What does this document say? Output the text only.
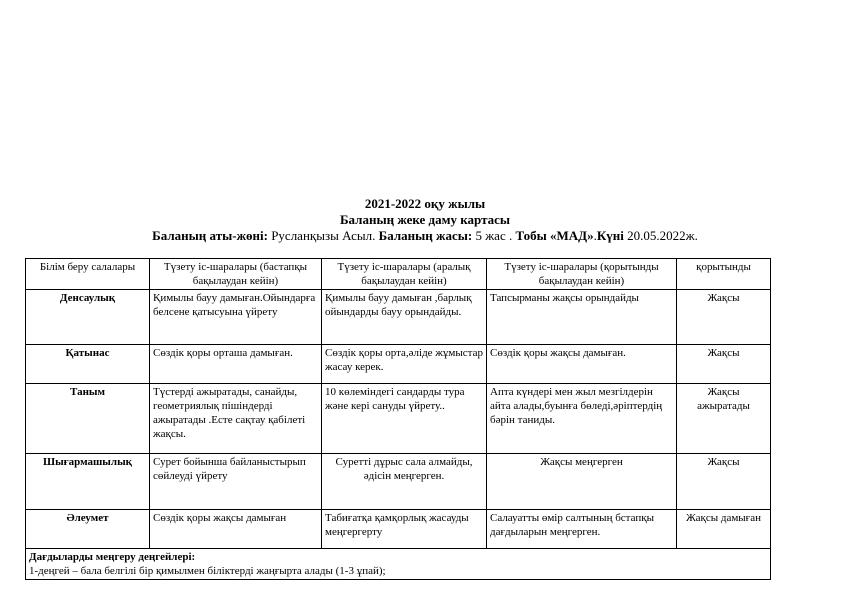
2021-2022 оқу жылы
Баланың жеке даму картасы
Баланың аты-жөні: Русланқызы Асыл. Баланың жасы: 5 жас . Тобы «МАД».Күні 20.05.2022ж.
Білім беру салалары	Түзету іс-шаралары (бастапқы бақылаудан кейін)	Түзету іс-шаралары (аралық бақылаудан кейін)	Түзету іс-шаралары (қорытынды бақылаудан кейін)	қорытынды
Денсаулық	Қимылы бауу дамыған.Ойындарға белсене қатысуына үйрету	Қимылы бауу дамыған ,барлық ойындарды бауу орындайды.	Тапсырманы жақсы орындайды	Жақсы
Қатынас	Сөздік қоры орташа дамыған.	Сөздік қоры орта,әліде жұмыстар жасау керек.	Сөздік қоры жақсы дамыған.	Жақсы
Таным	Түстерді ажыратады, санайды, геометриялық пішіндерді ажыратады .Есте сақтау қабілеті жақсы.	10 көлеміндегі сандарды тура және кері сануды үйрету..	Апта күндері мен жыл мезгілдерін айта алады,буынға бөледі,әріптердің бәрін таниды.	Жақсы ажыратады
Шығармашылық	Сурет бойынша байланыстырып сөйлеуді үйрету	Суретті дұрыс сала алмайды, әдісін меңгерген.	Жақсы меңгерген	Жақсы
Әлеумет	Сөздік қоры жақсы дамыған	Табиғатқа қамқорлық жасауды меңгергерту	Салауатты өмір салтының бстапқы дағдыларын меңгерген.	Жақсы дамыған

Дағдыларды меңгеру деңгейлері:
1-деңгей – бала белгілі бір қимылмен біліктерді жаңғырта алады (1-3 ұпай);				
